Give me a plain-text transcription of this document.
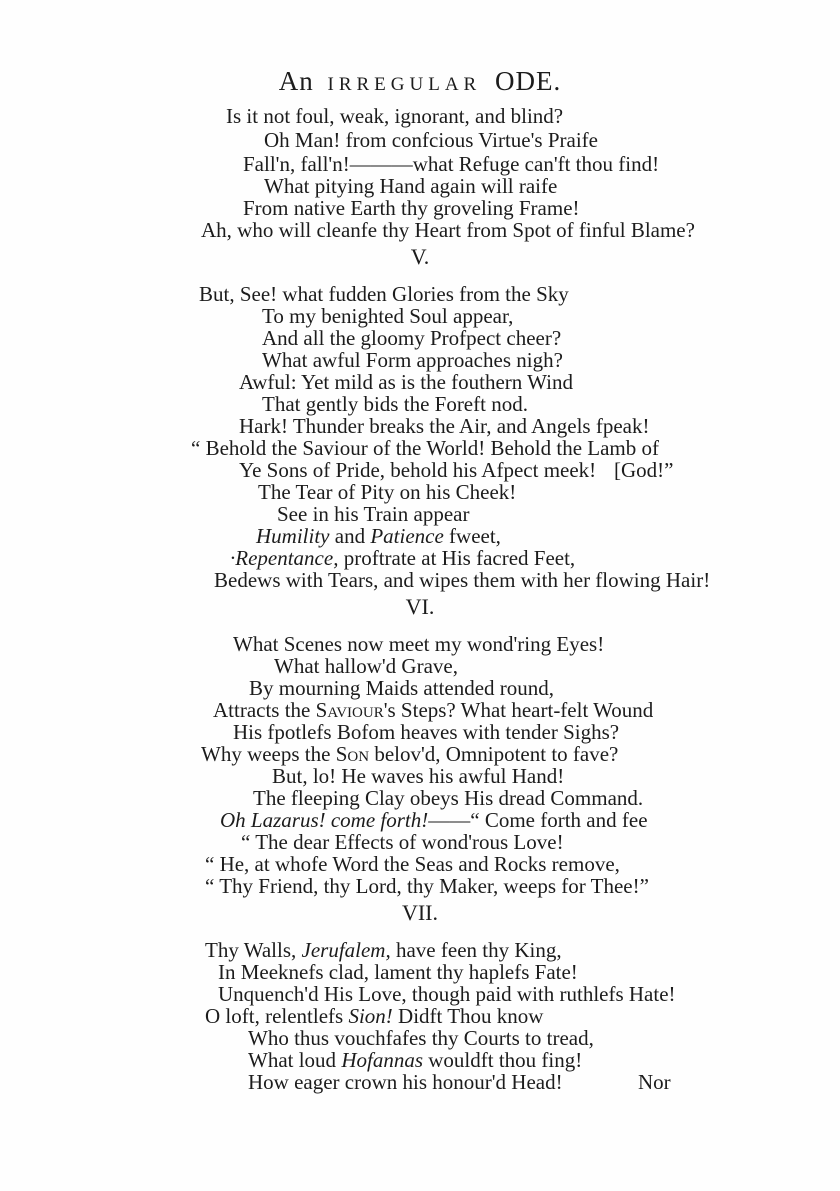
An IRREGULAR ODE.
Is it not foul, weak, ignorant, and blind?
Oh Man! from confcious Virtue's Praife
Fall'n, fall'n!———what Refuge can'ft thou find!
What pitying Hand again will raife
From native Earth thy groveling Frame!
Ah, who will cleanfe thy Heart from Spot of finful Blame?
V.
But, See! what fudden Glories from the Sky
To my benighted Soul appear,
And all the gloomy Profpect cheer?
What awful Form approaches nigh?
Awful: Yet mild as is the fouthern Wind
That gently bids the Foreft nod.
Hark! Thunder breaks the Air, and Angels fpeak!
“ Behold the Saviour of the World! Behold the Lamb of
Ye Sons of Pride, behold his Afpect meek! [God!”
The Tear of Pity on his Cheek!
See in his Train appear
Humility and Patience fweet,
·Repentance, proftrate at His facred Feet,
Bedews with Tears, and wipes them with her flowing Hair!
VI.
What Scenes now meet my wond'ring Eyes!
What hallow'd Grave,
By mourning Maids attended round,
Attracts the Saviour's Steps? What heart-felt Wound
His fpotlefs Bofom heaves with tender Sighs?
Why weeps the Son belov'd, Omnipotent to fave?
But, lo! He waves his awful Hand!
The fleeping Clay obeys His dread Command.
Oh Lazarus! come forth!——“ Come forth and fee
“ The dear Effects of wond'rous Love!
“ He, at whofe Word the Seas and Rocks remove,
“ Thy Friend, thy Lord, thy Maker, weeps for Thee!”
VII.
Thy Walls, Jerufalem, have feen thy King,
In Meeknefs clad, lament thy haplefs Fate!
Unquench'd His Love, though paid with ruthlefs Hate!
O loft, relentlefs Sion! Didft Thou know
Who thus vouchfafes thy Courts to tread,
What loud Hofannas wouldft thou fing!
How eager crown his honour'd Head!	Nor
